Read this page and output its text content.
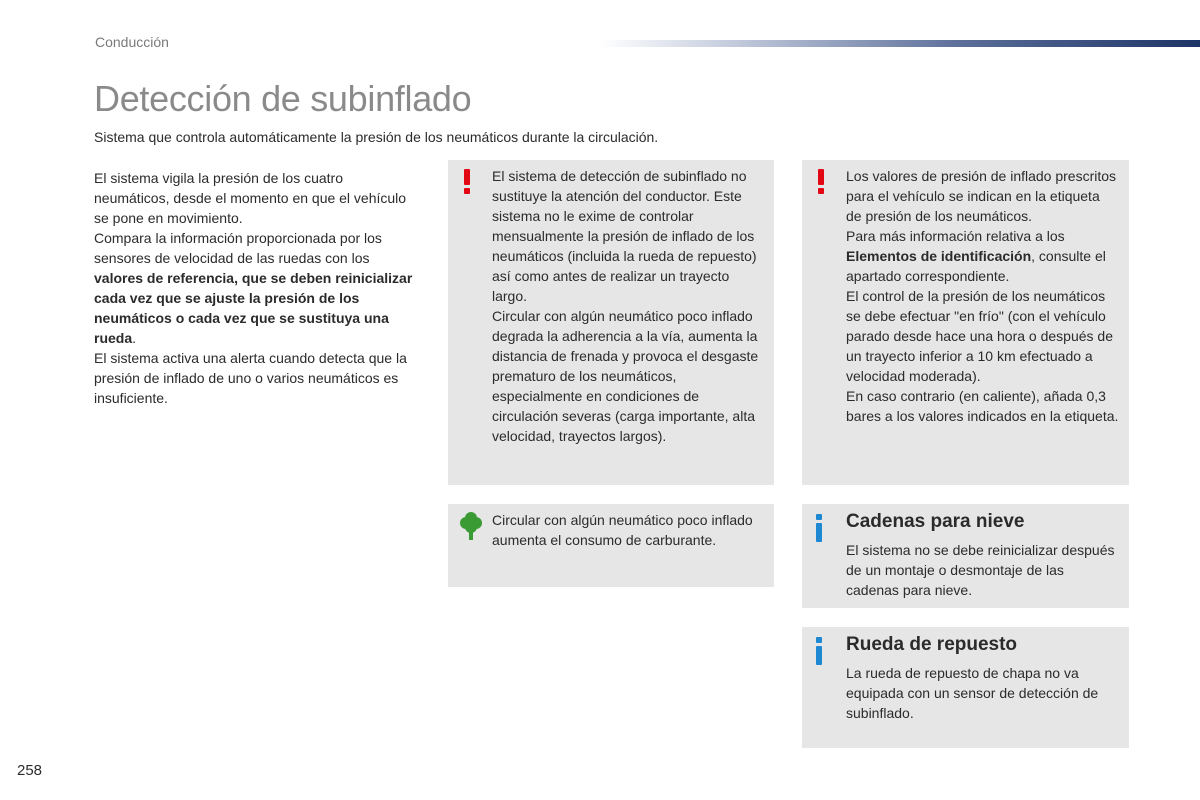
Conducción
Detección de subinflado

Sistema que controla automáticamente la presión de los neumáticos durante la circulación.

El sistema vigila la presión de los cuatro neumáticos, desde el momento en que el vehículo se pone en movimiento.

Compara la información proporcionada por los sensores de velocidad de las ruedas con los valores de referencia, que se deben reinicializar cada vez que se ajuste la presión de los neumáticos o cada vez que se sustituya una rueda.

El sistema activa una alerta cuando detecta que la presión de inflado de uno o varios neumáticos es insuficiente.

El sistema de detección de subinflado no sustituye la atención del conductor. Este sistema no le exime de controlar mensualmente la presión de inflado de los neumáticos (incluida la rueda de repuesto) así como antes de realizar un trayecto largo.

Circular con algún neumático poco inflado degrada la adherencia a la vía, aumenta la distancia de frenada y provoca el desgaste prematuro de los neumáticos, especialmente en condiciones de circulación severas (carga importante, alta velocidad, trayectos largos).

Los valores de presión de inflado prescritos para el vehículo se indican en la etiqueta de presión de los neumáticos.

Para más información relativa a los Elementos de identificación, consulte el apartado correspondiente.

El control de la presión de los neumáticos se debe efectuar "en frío" (con el vehículo parado desde hace una hora o después de un trayecto inferior a 10 km efectuado a velocidad moderada).

En caso contrario (en caliente), añada 0,3 bares a los valores indicados en la etiqueta.

Circular con algún neumático poco inflado aumenta el consumo de carburante.

Cadenas para nieve

El sistema no se debe reinicializar después de un montaje o desmontaje de las cadenas para nieve.

Rueda de repuesto

La rueda de repuesto de chapa no va equipada con un sensor de detección de subinflado.

258
